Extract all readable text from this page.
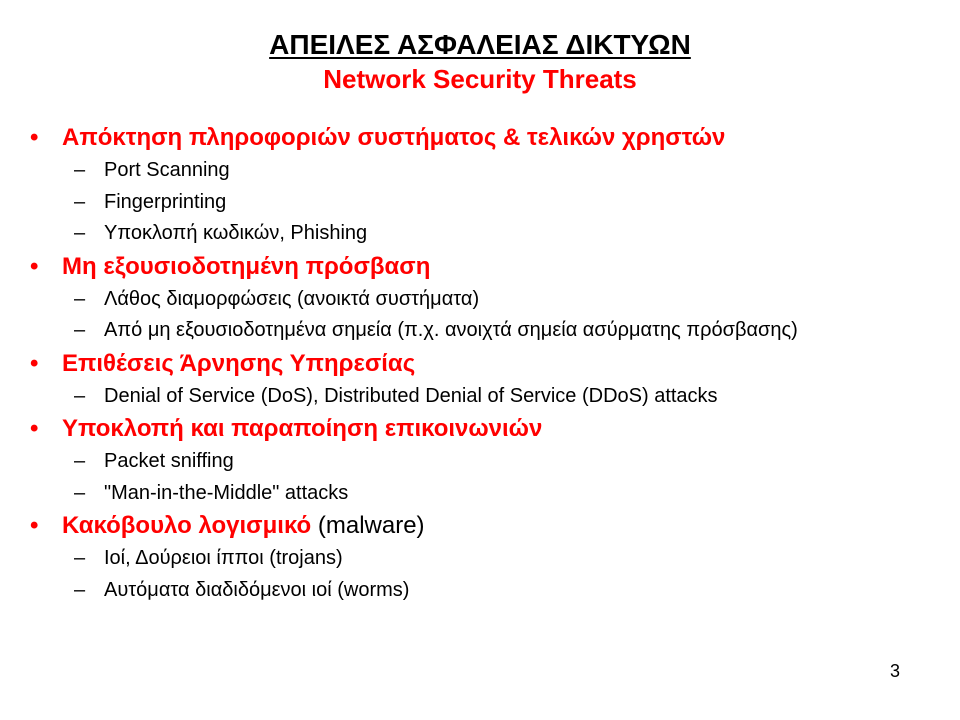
ΑΠΕΙΛΕΣ ΑΣΦΑΛΕΙΑΣ ΔΙΚΤΥΩΝ
Network Security Threats
• Απόκτηση πληροφοριών συστήματος & τελικών χρηστών
– Port Scanning
– Fingerprinting
– Υποκλοπή κωδικών, Phishing
• Μη εξουσιοδοτημένη πρόσβαση
– Λάθος διαμορφώσεις (ανοικτά συστήματα)
– Από μη εξουσιοδοτημένα σημεία (π.χ. ανοιχτά σημεία ασύρματης πρόσβασης)
• Επιθέσεις Άρνησης Υπηρεσίας
– Denial of Service (DoS), Distributed Denial of Service (DDoS) attacks
• Υποκλοπή και παραποίηση επικοινωνιών
– Packet sniffing
– "Man-in-the-Middle" attacks
• Κακόβουλο λογισμικό (malware)
– Ιοί, Δούρειοι ίπποι (trojans)
– Αυτόματα διαδιδόμενοι ιοί (worms)
3
